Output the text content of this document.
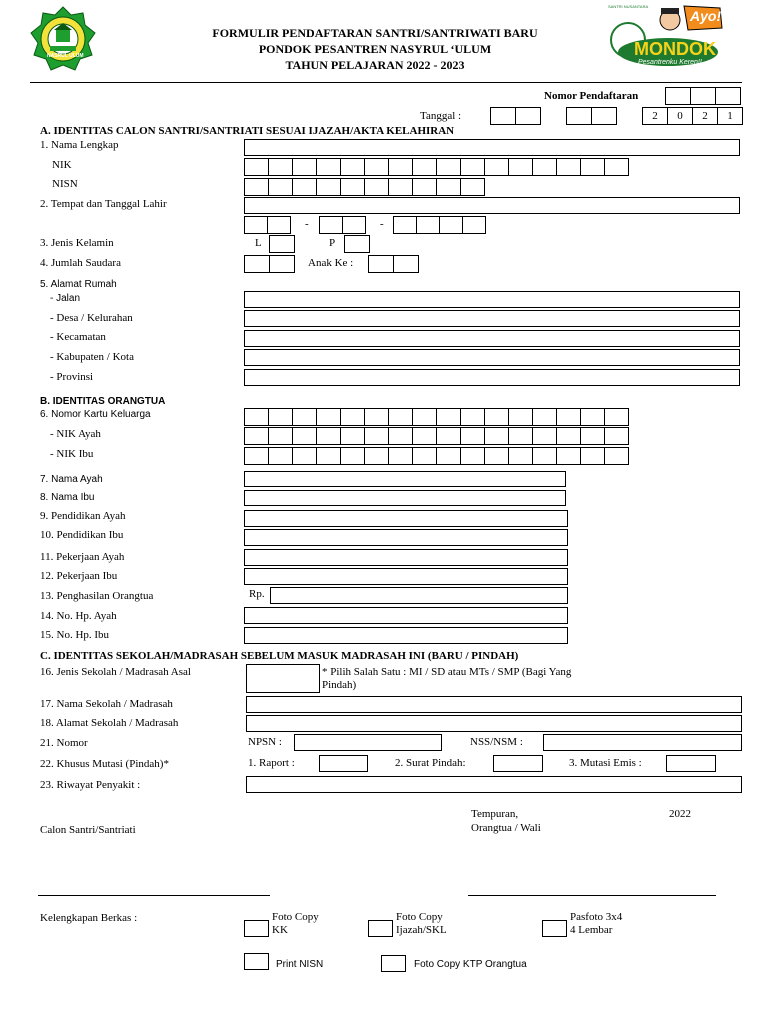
NASRUL ULUM
FORMULIR PENDAFTARAN SANTRI/SANTRIWATI BARU
PONDOK PESANTREN NASYRUL ‘ULUM
TAHUN PELAJARAN 2022 - 2023
Ayo!
MONDOK
Pesantrenku Keren!!
SANTRI NUSANTARA
Nomor Pendaftaran
Tanggal :	2	0	2	1
A. IDENTITAS CALON SANTRI/SANTRIATI SESUAI IJAZAH/AKTA KELAHIRAN
1. Nama Lengkap
NIK
NISN
2. Tempat dan Tanggal Lahir
-	-
3. Jenis Kelamin	L	P
4. Jumlah Saudara	Anak Ke :
5. Alamat Rumah
- Jalan
- Desa / Kelurahan
- Kecamatan
- Kabupaten / Kota
- Provinsi
B. IDENTITAS ORANGTUA
6. Nomor Kartu Keluarga
- NIK Ayah
- NIK Ibu
7. Nama Ayah
8. Nama Ibu
9. Pendidikan Ayah
10. Pendidikan Ibu
11. Pekerjaan Ayah
12. Pekerjaan Ibu
13. Penghasilan Orangtua	Rp.
14. No. Hp. Ayah
15. No. Hp. Ibu
C. IDENTITAS SEKOLAH/MADRASAH SEBELUM MASUK MADRASAH INI (BARU / PINDAH)
16. Jenis Sekolah / Madrasah Asal	* Pilih Salah Satu : MI / SD atau MTs / SMP (Bagi Yang
Pindah)
17. Nama Sekolah / Madrasah
18. Alamat Sekolah / Madrasah
21. Nomor	NPSN :	NSS/NSM :
22. Khusus Mutasi (Pindah)*	1. Raport :	2. Surat Pindah:	3. Mutasi Emis :
23. Riwayat Penyakit :
Tempuran,	2022
Orangtua / Wali
Calon Santri/Santriati
Kelengkapan Berkas :	Foto Copy
KK
Foto Copy
Ijazah/SKL
Pasfoto 3x4
4 Lembar
Print NISN	Foto Copy KTP Orangtua
